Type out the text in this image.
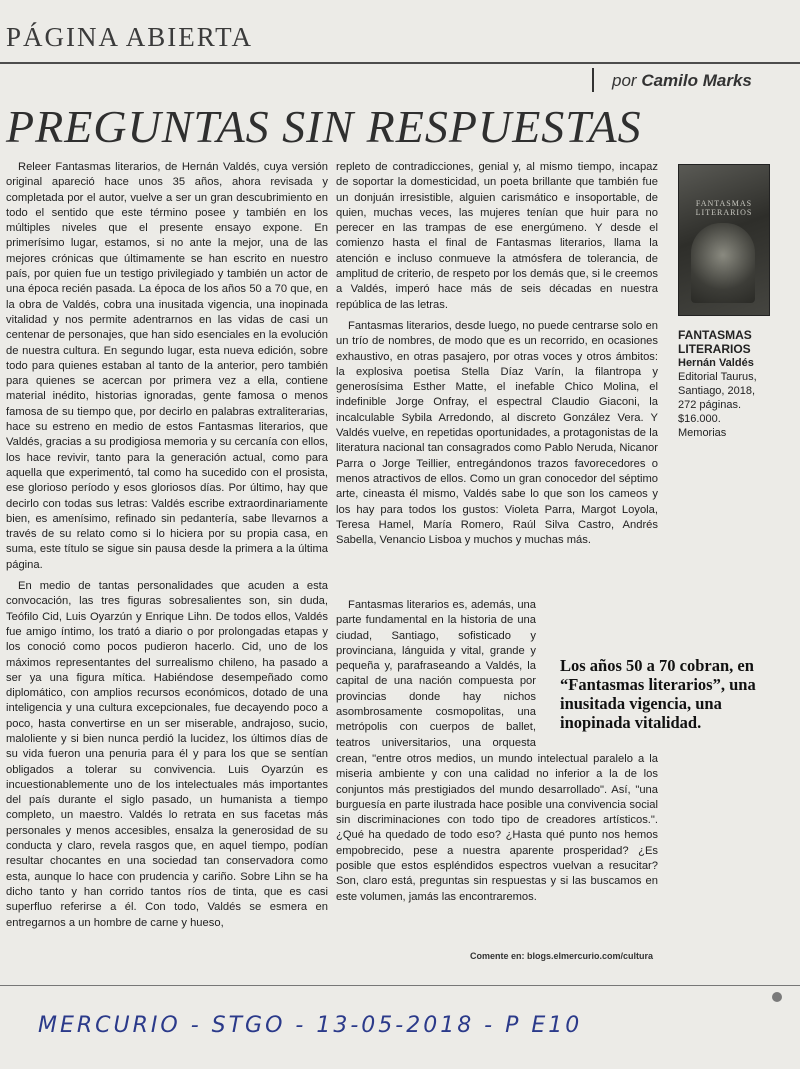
PÁGINA ABIERTA
por Camilo Marks
PREGUNTAS SIN RESPUESTAS

Releer Fantasmas literarios, de Hernán Valdés, cuya versión original apareció hace unos 35 años, ahora revisada y completada por el autor, vuelve a ser un gran descubrimiento en todo el sentido que este término posee y también en los múltiples niveles que el presente ensayo expone. En primerísimo lugar, estamos, si no ante la mejor, una de las mejores crónicas que últimamente se han escrito en nuestro país, por quien fue un testigo privilegiado y también un actor de una época recién pasada. La época de los años 50 a 70 que, en la obra de Valdés, cobra una inusitada vigencia, una inopinada vitalidad y nos permite adentrarnos en las vidas de casi un centenar de personajes, que han sido esenciales en la evolución de nuestra cultura. En segundo lugar, esta nueva edición, sobre todo para quienes estaban al tanto de la anterior, pero también para quienes se acercan por primera vez a ella, contiene material inédito, historias ignoradas, gente famosa o menos famosa de su tiempo que, por decirlo en palabras extraliterarias, hace su estreno en medio de estos Fantasmas literarios, que Valdés, gracias a su prodigiosa memoria y su cercanía con ellos, los hace revivir, tanto para la generación actual, como para aquella que experimentó, tal como ha sucedido con el prosista, ese glorioso período y esos gloriosos días. Por último, hay que decirlo con todas sus letras: Valdés escribe extraordinariamente bien, es amenísimo, refinado sin pedantería, sabe llevarnos a través de su relato como si lo hiciera por su propia casa, en suma, este título se sigue sin pausa desde la primera a la última página.

En medio de tantas personalidades que acuden a esta convocación, las tres figuras sobresalientes son, sin duda, Teófilo Cid, Luis Oyarzún y Enrique Lihn. De todos ellos, Valdés fue amigo íntimo, los trató a diario o por prolongadas etapas y los conoció como pocos pudieron hacerlo. Cid, uno de los máximos representantes del surrealismo chileno, ha pasado a ser ya una figura mítica. Habiéndose desempeñado como diplomático, con amplios recursos económicos, dotado de una inteligencia y una cultura excepcionales, fue decayendo poco a poco, hasta convertirse en un ser miserable, andrajoso, sucio, maloliente y si bien nunca perdió la lucidez, los últimos días de su vida fueron una penuria para él y para los que se sentían obligados a tolerar su convivencia. Luis Oyarzún es incuestionablemente uno de los intelectuales más importantes del país durante el siglo pasado, un humanista a tiempo completo, un maestro. Valdés lo retrata en sus facetas más personales y menos accesibles, ensalza la generosidad de su conducta y claro, revela rasgos que, en aquel tiempo, podían resultar chocantes en una sociedad tan conservadora como esta, aunque lo hace con prudencia y cariño. Sobre Lihn se ha dicho tanto y han corrido tantos ríos de tinta, que es casi superfluo referirse a él. Con todo, Valdés se esmera en entregarnos a un hombre de carne y hueso,

repleto de contradicciones, genial y, al mismo tiempo, incapaz de soportar la domesticidad, un poeta brillante que también fue un donjuán irresistible, alguien carismático e insoportable, de quien, muchas veces, las mujeres tenían que huir para no perecer en las trampas de ese energúmeno. Y desde el comienzo hasta el final de Fantasmas literarios, llama la atención e incluso conmueve la atmósfera de tolerancia, de amplitud de criterio, de respeto por los demás que, si le creemos a Valdés, imperó hace más de seis décadas en nuestra república de las letras.

Fantasmas literarios, desde luego, no puede centrarse solo en un trío de nombres, de modo que es un recorrido, en ocasiones exhaustivo, en otras pasajero, por otras voces y otros ámbitos: la explosiva poetisa Stella Díaz Varín, la filantropa y generosísima Esther Matte, el inefable Chico Molina, el indefinible Jorge Onfray, el espectral Claudio Giaconi, la incalculable Sybila Arredondo, al discreto González Vera. Y Valdés vuelve, en repetidas oportunidades, a protagonistas de la literatura nacional tan consagrados como Pablo Neruda, Nicanor Parra o Jorge Teillier, entregándonos trazos favorecedores o menos atractivos de ellos. Como un gran conocedor del séptimo arte, cineasta él mismo, Valdés sabe lo que son los cameos y los hay para todos los gustos: Violeta Parra, Margot Loyola, Teresa Hamel, María Romero, Raúl Silva Castro, Andrés Sabella, Venancio Lisboa y muchos y muchas más.

Fantasmas literarios es, además, una parte fundamental en la historia de una ciudad, Santiago, sofisticado y provinciana, lánguida y vital, grande y pequeña y, parafraseando a Valdés, la capital de una nación compuesta por provincias donde hay nichos asombrosamente cosmopolitas, una metrópolis con cuerpos de ballet, teatros universitarios, una orquesta

crean, "entre otros medios, un mundo intelectual paralelo a la miseria ambiente y con una calidad no inferior a la de los conjuntos más prestigiados del mundo desarrollado". Así, "una burguesía en parte ilustrada hace posible una convivencia social sin discriminaciones con todo tipo de creadores artísticos.". ¿Qué ha quedado de todo eso? ¿Hasta qué punto nos hemos empobrecido, pese a nuestra aparente prosperidad? ¿Es posible que estos espléndidos espectros vuelvan a resucitar? Son, claro está, preguntas sin respuestas y si las buscamos en este volumen, jamás las encontraremos.

FANTASMAS LITERARIOS
FANTASMAS
LITERARIOS
Hernán Valdés
Editorial Taurus,
Santiago, 2018,
272 páginas.
$16.000.
Memorias
Los años 50 a 70 cobran, en “Fantasmas literarios”, una inusitada vigencia, una inopinada vitalidad.
Comente en: blogs.elmercurio.com/cultura
MERCURIO - STGO - 13-05-2018 - P E10
